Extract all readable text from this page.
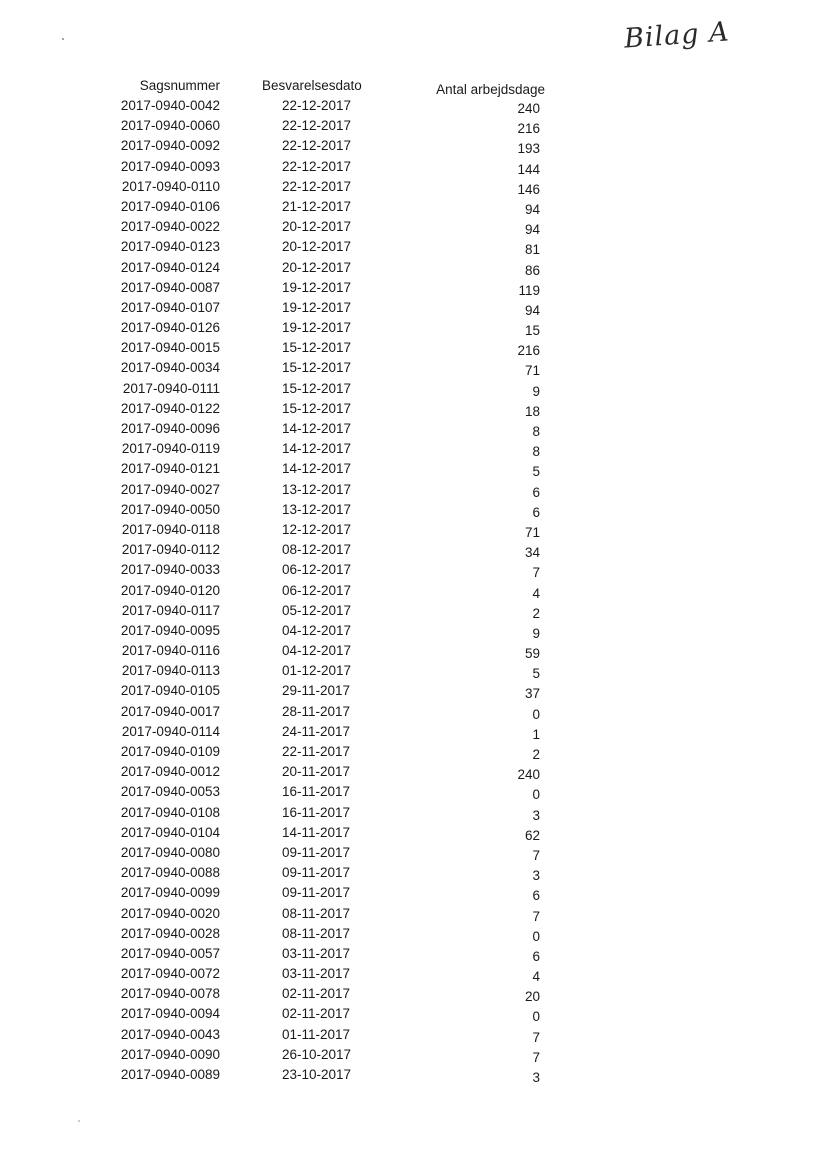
Bilag A
Sagsnummer	Besvarelsesdato	Antal arbejdsdage
2017-0940-0042	22-12-2017	240
2017-0940-0060	22-12-2017	216
2017-0940-0092	22-12-2017	193
2017-0940-0093	22-12-2017	144
2017-0940-0110	22-12-2017	146
2017-0940-0106	21-12-2017	94
2017-0940-0022	20-12-2017	94
2017-0940-0123	20-12-2017	81
2017-0940-0124	20-12-2017	86
2017-0940-0087	19-12-2017	119
2017-0940-0107	19-12-2017	94
2017-0940-0126	19-12-2017	15
2017-0940-0015	15-12-2017	216
2017-0940-0034	15-12-2017	71
2017-0940-0111	15-12-2017	9
2017-0940-0122	15-12-2017	18
2017-0940-0096	14-12-2017	8
2017-0940-0119	14-12-2017	8
2017-0940-0121	14-12-2017	5
2017-0940-0027	13-12-2017	6
2017-0940-0050	13-12-2017	6
2017-0940-0118	12-12-2017	71
2017-0940-0112	08-12-2017	34
2017-0940-0033	06-12-2017	7
2017-0940-0120	06-12-2017	4
2017-0940-0117	05-12-2017	2
2017-0940-0095	04-12-2017	9
2017-0940-0116	04-12-2017	59
2017-0940-0113	01-12-2017	5
2017-0940-0105	29-11-2017	37
2017-0940-0017	28-11-2017	0
2017-0940-0114	24-11-2017	1
2017-0940-0109	22-11-2017	2
2017-0940-0012	20-11-2017	240
2017-0940-0053	16-11-2017	0
2017-0940-0108	16-11-2017	3
2017-0940-0104	14-11-2017	62
2017-0940-0080	09-11-2017	7
2017-0940-0088	09-11-2017	3
2017-0940-0099	09-11-2017	6
2017-0940-0020	08-11-2017	7
2017-0940-0028	08-11-2017	0
2017-0940-0057	03-11-2017	6
2017-0940-0072	03-11-2017	4
2017-0940-0078	02-11-2017	20
2017-0940-0094	02-11-2017	0
2017-0940-0043	01-11-2017	7
2017-0940-0090	26-10-2017	7
2017-0940-0089	23-10-2017	3
